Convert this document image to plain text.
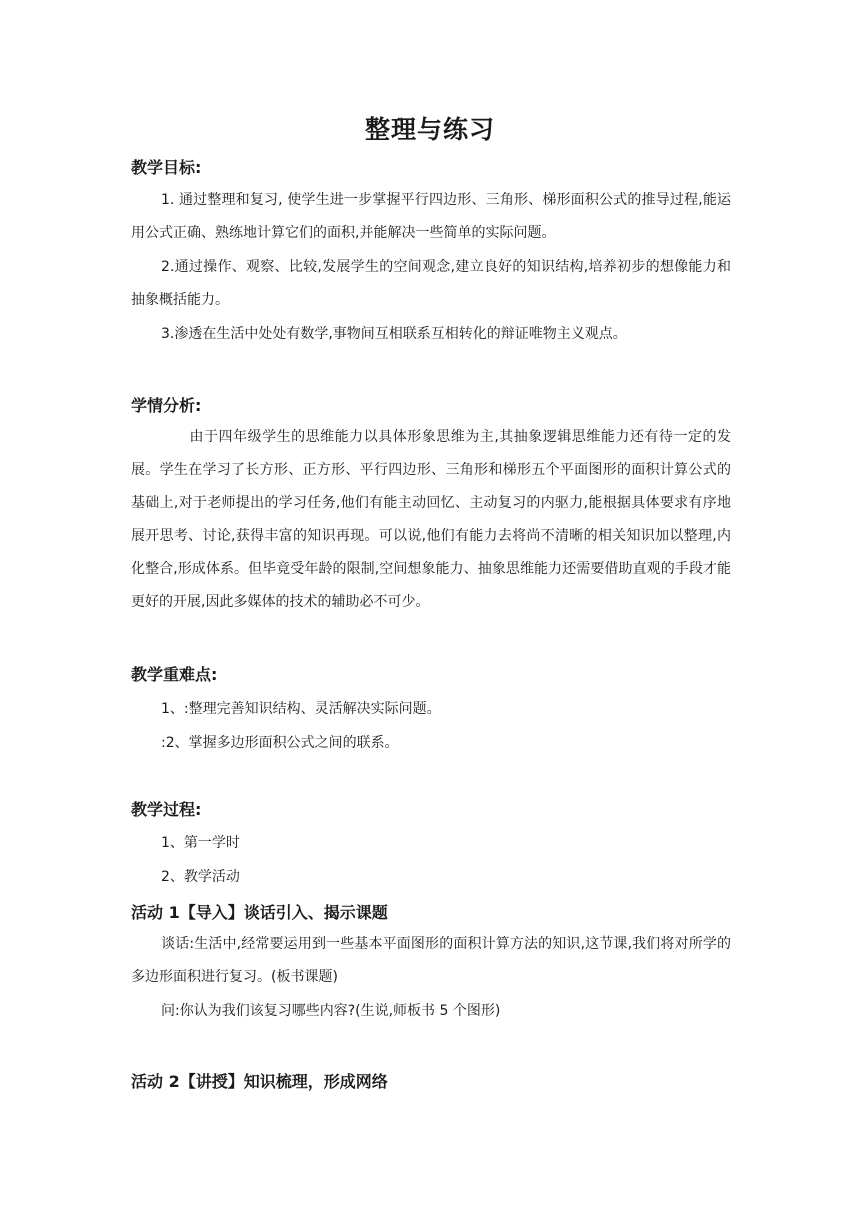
整理与练习
教学目标:
1. 通过整理和复习, 使学生进一步掌握平行四边形、三角形、梯形面积公式的推导过程,能运用公式正确、熟练地计算它们的面积,并能解决一些简单的实际问题。
2.通过操作、观察、比较,发展学生的空间观念,建立良好的知识结构,培养初步的想像能力和抽象概括能力。
3.渗透在生活中处处有数学,事物间互相联系互相转化的辩证唯物主义观点。
学情分析:
由于四年级学生的思维能力以具体形象思维为主,其抽象逻辑思维能力还有待一定的发展。学生在学习了长方形、正方形、平行四边形、三角形和梯形五个平面图形的面积计算公式的基础上,对于老师提出的学习任务,他们有能主动回忆、主动复习的内驱力,能根据具体要求有序地展开思考、讨论,获得丰富的知识再现。可以说,他们有能力去将尚不清晰的相关知识加以整理,内化整合,形成体系。但毕竟受年龄的限制,空间想象能力、抽象思维能力还需要借助直观的手段才能更好的开展,因此多媒体的技术的辅助必不可少。
教学重难点:
1、:整理完善知识结构、灵活解决实际问题。
:2、掌握多边形面积公式之间的联系。
教学过程:
1、第一学时
2、教学活动
活动 1【导入】谈话引入、揭示课题
谈话:生活中,经常要运用到一些基本平面图形的面积计算方法的知识,这节课,我们将对所学的多边形面积进行复习。(板书课题)
问:你认为我们该复习哪些内容?(生说,师板书 5 个图形)
活动 2【讲授】知识梳理，形成网络
